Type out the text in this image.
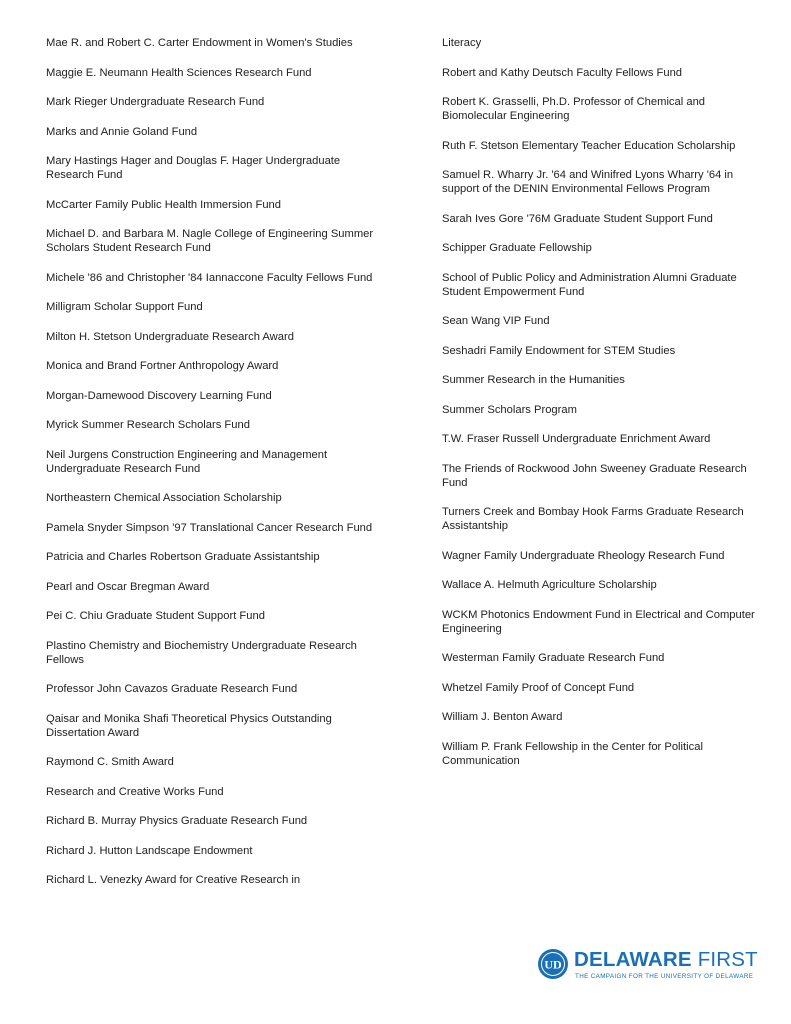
Mae R. and Robert C. Carter Endowment in Women's Studies
Maggie E. Neumann Health Sciences Research Fund
Mark Rieger Undergraduate Research Fund
Marks and Annie Goland Fund
Mary Hastings Hager and Douglas F. Hager Undergraduate Research Fund
McCarter Family Public Health Immersion Fund
Michael D. and Barbara M. Nagle College of Engineering Summer Scholars Student Research Fund
Michele '86 and Christopher '84 Iannaccone Faculty Fellows Fund
Milligram Scholar Support Fund
Milton H. Stetson Undergraduate Research Award
Monica and Brand Fortner Anthropology Award
Morgan-Damewood Discovery Learning Fund
Myrick Summer Research Scholars Fund
Neil Jurgens Construction Engineering and Management Undergraduate Research Fund
Northeastern Chemical Association Scholarship
Pamela Snyder Simpson '97 Translational Cancer Research Fund
Patricia and Charles Robertson Graduate Assistantship
Pearl and Oscar Bregman Award
Pei C. Chiu Graduate Student Support Fund
Plastino Chemistry and Biochemistry Undergraduate Research Fellows
Professor John Cavazos Graduate Research Fund
Qaisar and Monika Shafi Theoretical Physics Outstanding Dissertation Award
Raymond C. Smith Award
Research and Creative Works Fund
Richard B. Murray Physics Graduate Research Fund
Richard J. Hutton Landscape Endowment
Richard L. Venezky Award for Creative Research in
Literacy
Robert and Kathy Deutsch Faculty Fellows Fund
Robert K. Grasselli, Ph.D. Professor of Chemical and Biomolecular Engineering
Ruth F. Stetson Elementary Teacher Education Scholarship
Samuel R. Wharry Jr. '64 and Winifred Lyons Wharry '64 in support of the DENIN Environmental Fellows Program
Sarah Ives Gore '76M Graduate Student Support Fund
Schipper Graduate Fellowship
School of Public Policy and Administration Alumni Graduate Student Empowerment Fund
Sean Wang VIP Fund
Seshadri Family Endowment for STEM Studies
Summer Research in the Humanities
Summer Scholars Program
T.W. Fraser Russell Undergraduate Enrichment Award
The Friends of Rockwood John Sweeney Graduate Research Fund
Turners Creek and Bombay Hook Farms Graduate Research Assistantship
Wagner Family Undergraduate Rheology Research Fund
Wallace A. Helmuth Agriculture Scholarship
WCKM Photonics Endowment Fund in Electrical and Computer Engineering
Westerman Family Graduate Research Fund
Whetzel Family Proof of Concept Fund
William J. Benton Award
William P. Frank Fellowship in the Center for Political Communication
UD DELAWARE FIRST
THE CAMPAIGN FOR THE UNIVERSITY OF DELAWARE
